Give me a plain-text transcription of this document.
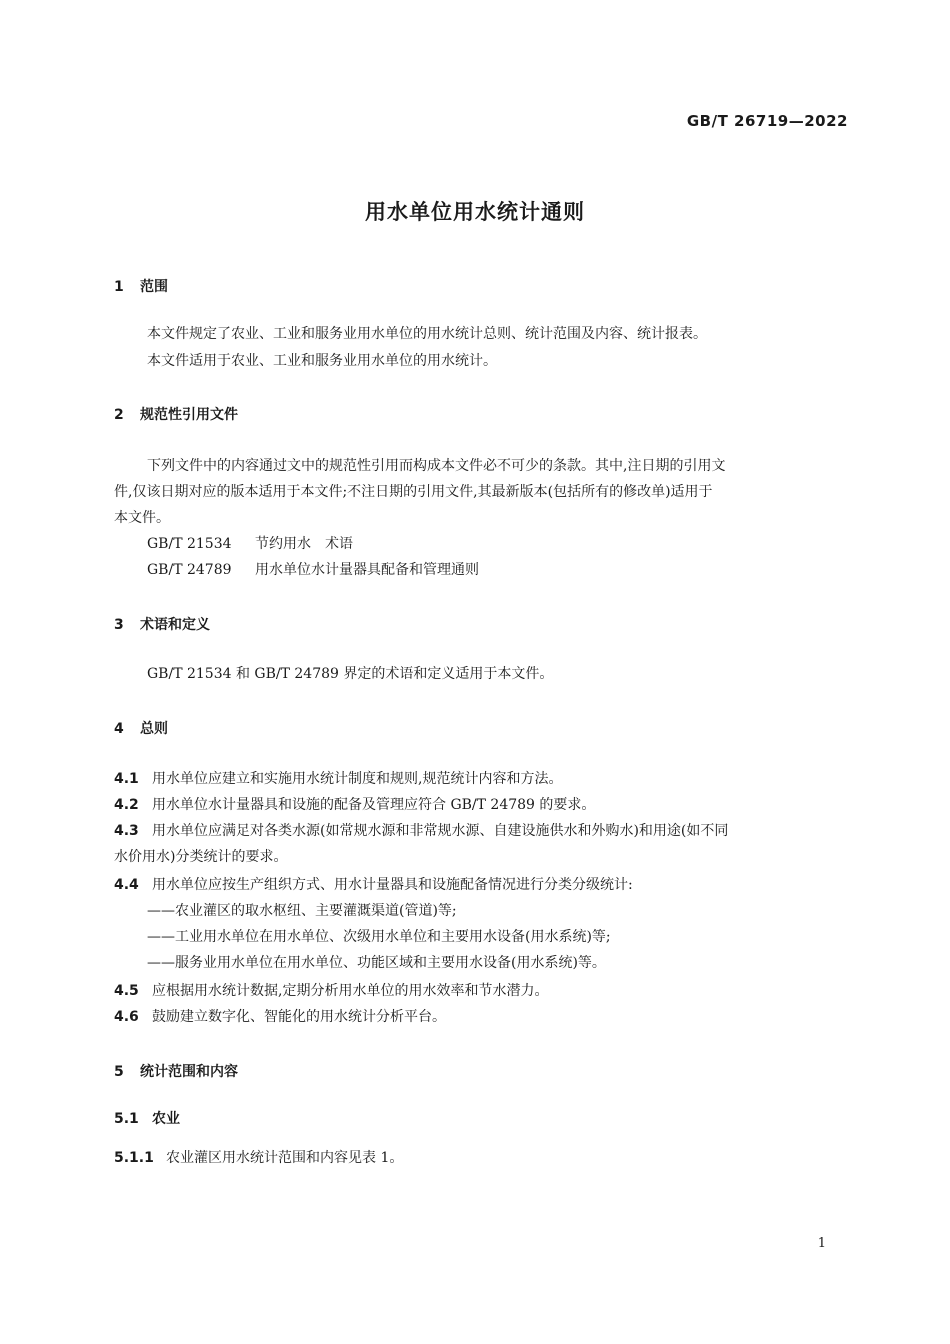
GB/T 26719—2022
用水单位用水统计通则
1 范围
本文件规定了农业、工业和服务业用水单位的用水统计总则、统计范围及内容、统计报表。
本文件适用于农业、工业和服务业用水单位的用水统计。
2 规范性引用文件
下列文件中的内容通过文中的规范性引用而构成本文件必不可少的条款。其中,注日期的引用文
件,仅该日期对应的版本适用于本文件;不注日期的引用文件,其最新版本(包括所有的修改单)适用于
本文件。
GB/T 21534 节约用水　术语
GB/T 24789 用水单位水计量器具配备和管理通则
3 术语和定义
GB/T 21534 和 GB/T 24789 界定的术语和定义适用于本文件。
4 总则
4.1 用水单位应建立和实施用水统计制度和规则,规范统计内容和方法。
4.2 用水单位水计量器具和设施的配备及管理应符合 GB/T 24789 的要求。
4.3 用水单位应满足对各类水源(如常规水源和非常规水源、自建设施供水和外购水)和用途(如不同
水价用水)分类统计的要求。
4.4 用水单位应按生产组织方式、用水计量器具和设施配备情况进行分类分级统计:
——农业灌区的取水枢纽、主要灌溉渠道(管道)等;
——工业用水单位在用水单位、次级用水单位和主要用水设备(用水系统)等;
——服务业用水单位在用水单位、功能区域和主要用水设备(用水系统)等。
4.5 应根据用水统计数据,定期分析用水单位的用水效率和节水潜力。
4.6 鼓励建立数字化、智能化的用水统计分析平台。
5 统计范围和内容
5.1 农业
5.1.1 农业灌区用水统计范围和内容见表 1。
1
